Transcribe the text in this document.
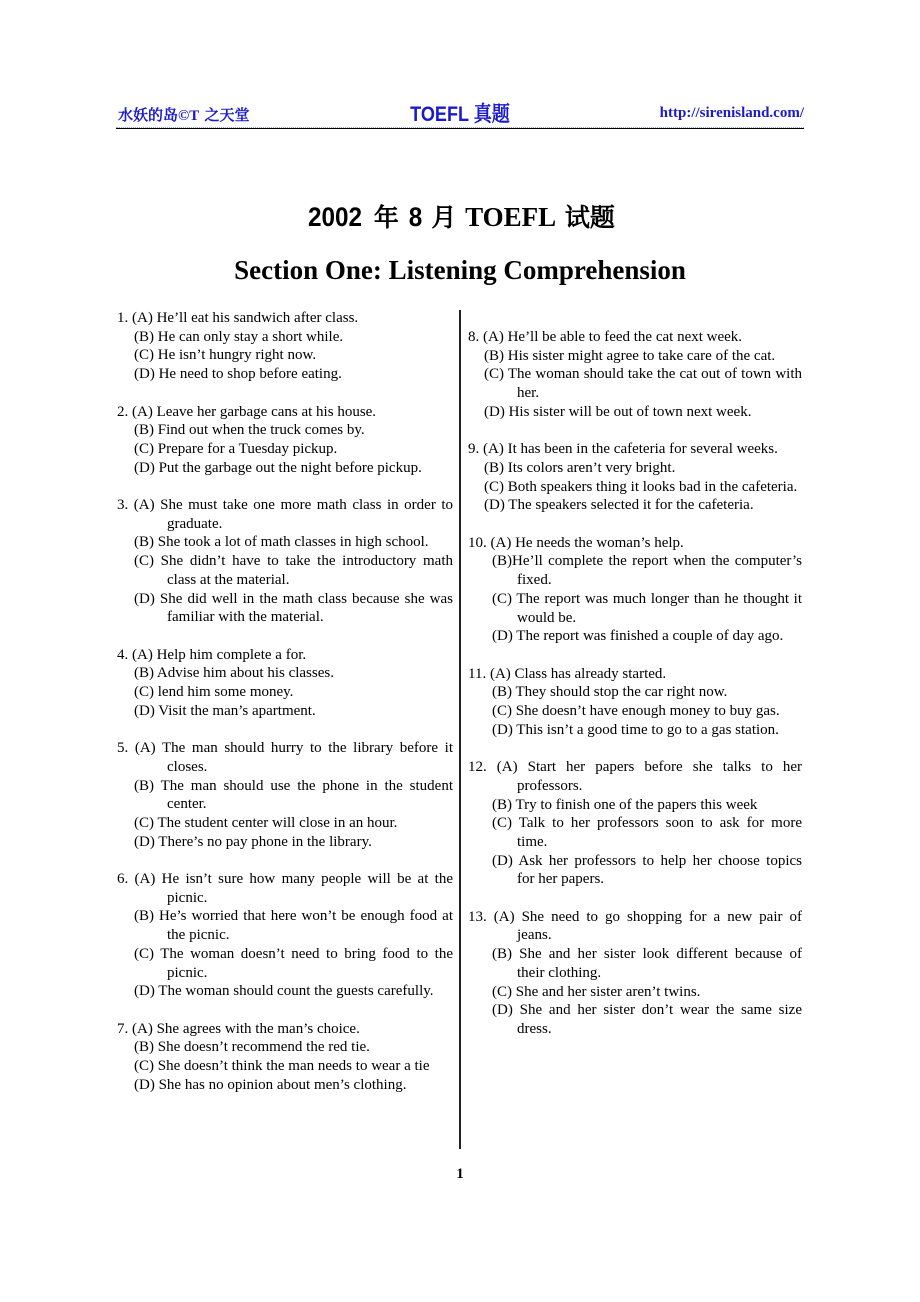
水妖的岛©T 之天堂	TOEFL 真题	http://sirenisland.com/
2002 年 8 月 TOEFL 试题
Section One: Listening Comprehension
1. (A) He’ll eat his sandwich after class.
(B) He can only stay a short while.
(C) He isn’t hungry right now.
(D) He need to shop before eating.
2. (A) Leave her garbage cans at his house.
(B) Find out when the truck comes by.
(C) Prepare for a Tuesday pickup.
(D) Put the garbage out the night before pickup.
3. (A) She must take one more math class in order to graduate.
(B) She took a lot of math classes in high school.
(C) She didn’t have to take the introductory math class at the material.
(D) She did well in the math class because she was familiar with the material.
4. (A) Help him complete a for.
(B) Advise him about his classes.
(C) lend him some money.
(D) Visit the man’s apartment.
5. (A) The man should hurry to the library before it closes.
(B) The man should use the phone in the student center.
(C) The student center will close in an hour.
(D) There’s no pay phone in the library.
6. (A) He isn’t sure how many people will be at the picnic.
(B) He’s worried that here won’t be enough food at the picnic.
(C) The woman doesn’t need to bring food to the picnic.
(D) The woman should count the guests carefully.
7. (A) She agrees with the man’s choice.
(B) She doesn’t recommend the red tie.
(C) She doesn’t think the man needs to wear a tie
(D) She has no opinion about men’s clothing.
8. (A) He’ll be able to feed the cat next week.
(B) His sister might agree to take care of the cat.
(C) The woman should take the cat out of town with her.
(D) His sister will be out of town next week.
9. (A) It has been in the cafeteria for several weeks.
(B) Its colors aren’t very bright.
(C) Both speakers thing it looks bad in the cafeteria.
(D) The speakers selected it for the cafeteria.
10. (A) He needs the woman’s help.
(B)He’ll complete the report when the computer’s fixed.
(C) The report was much longer than he thought it would be.
(D) The report was finished a couple of day ago.
11. (A) Class has already started.
(B) They should stop the car right now.
(C) She doesn’t have enough money to buy gas.
(D) This isn’t a good time to go to a gas station.
12. (A) Start her papers before she talks to her professors.
(B) Try to finish one of the papers this week
(C) Talk to her professors soon to ask for more time.
(D) Ask her professors to help her choose topics for her papers.
13. (A) She need to go shopping for a new pair of jeans.
(B) She and her sister look different because of their clothing.
(C) She and her sister aren’t twins.
(D) She and her sister don’t wear the same size dress.
1
